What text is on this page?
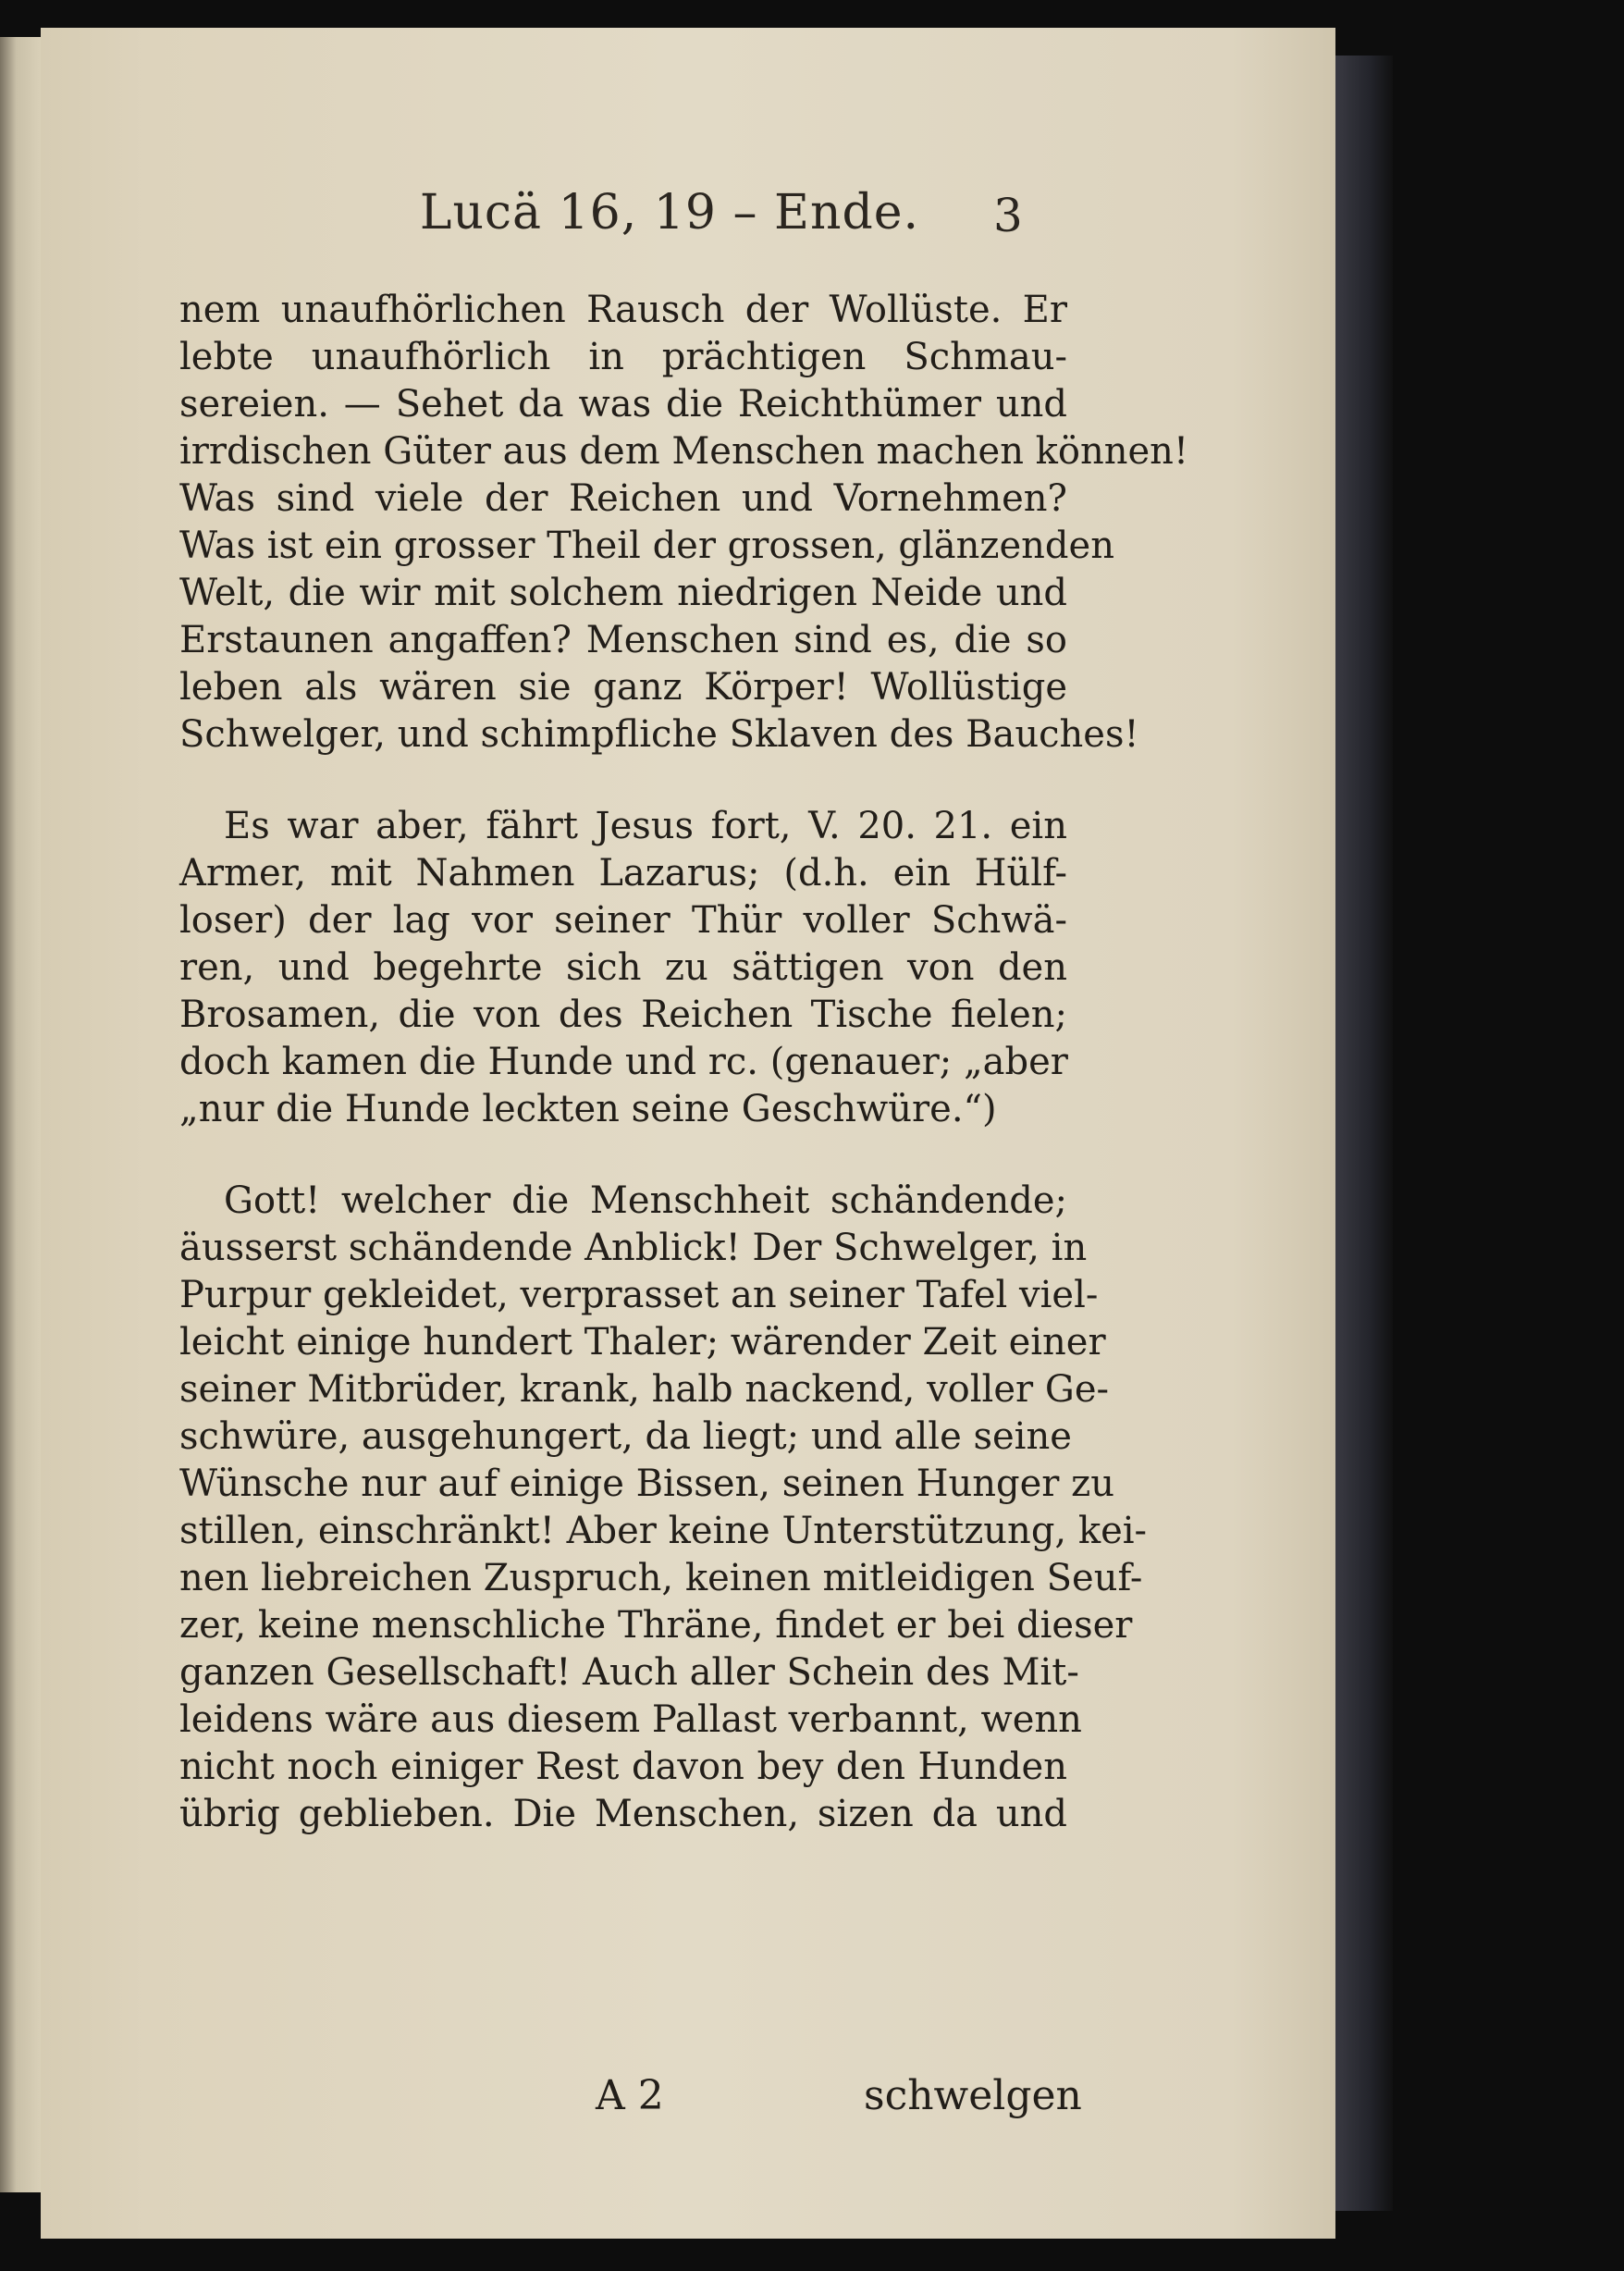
Lucä 16, 19 – Ende. 3
nem unaufhörlichen Rausch der Wollüste. Er
lebte unaufhörlich in prächtigen Schmau-
sereien. — Sehet da was die Reichthümer und
irrdischen Güter aus dem Menschen machen können!
Was sind viele der Reichen und Vornehmen?
Was ist ein grosser Theil der grossen, glänzenden
Welt, die wir mit solchem niedrigen Neide und
Erstaunen angaffen? Menschen sind es, die so
leben als wären sie ganz Körper! Wollüstige
Schwelger, und schimpfliche Sklaven des Bauches!
Es war aber, fährt Jesus fort, V. 20. 21. ein
Armer, mit Nahmen Lazarus; (d.h. ein Hülf-
loser) der lag vor seiner Thür voller Schwä-
ren, und begehrte sich zu sättigen von den
Brosamen, die von des Reichen Tische fielen;
doch kamen die Hunde und rc. (genauer; „aber
„nur die Hunde leckten seine Geschwüre.“)
Gott! welcher die Menschheit schändende;
äusserst schändende Anblick! Der Schwelger, in
Purpur gekleidet, verprasset an seiner Tafel viel-
leicht einige hundert Thaler; wärender Zeit einer
seiner Mitbrüder, krank, halb nackend, voller Ge-
schwüre, ausgehungert, da liegt; und alle seine
Wünsche nur auf einige Bissen, seinen Hunger zu
stillen, einschränkt! Aber keine Unterstützung, kei-
nen liebreichen Zuspruch, keinen mitleidigen Seuf-
zer, keine menschliche Thräne, findet er bei dieser
ganzen Gesellschaft! Auch aller Schein des Mit-
leidens wäre aus diesem Pallast verbannt, wenn
nicht noch einiger Rest davon bey den Hunden
übrig geblieben. Die Menschen, sizen da und
A 2	schwelgen
